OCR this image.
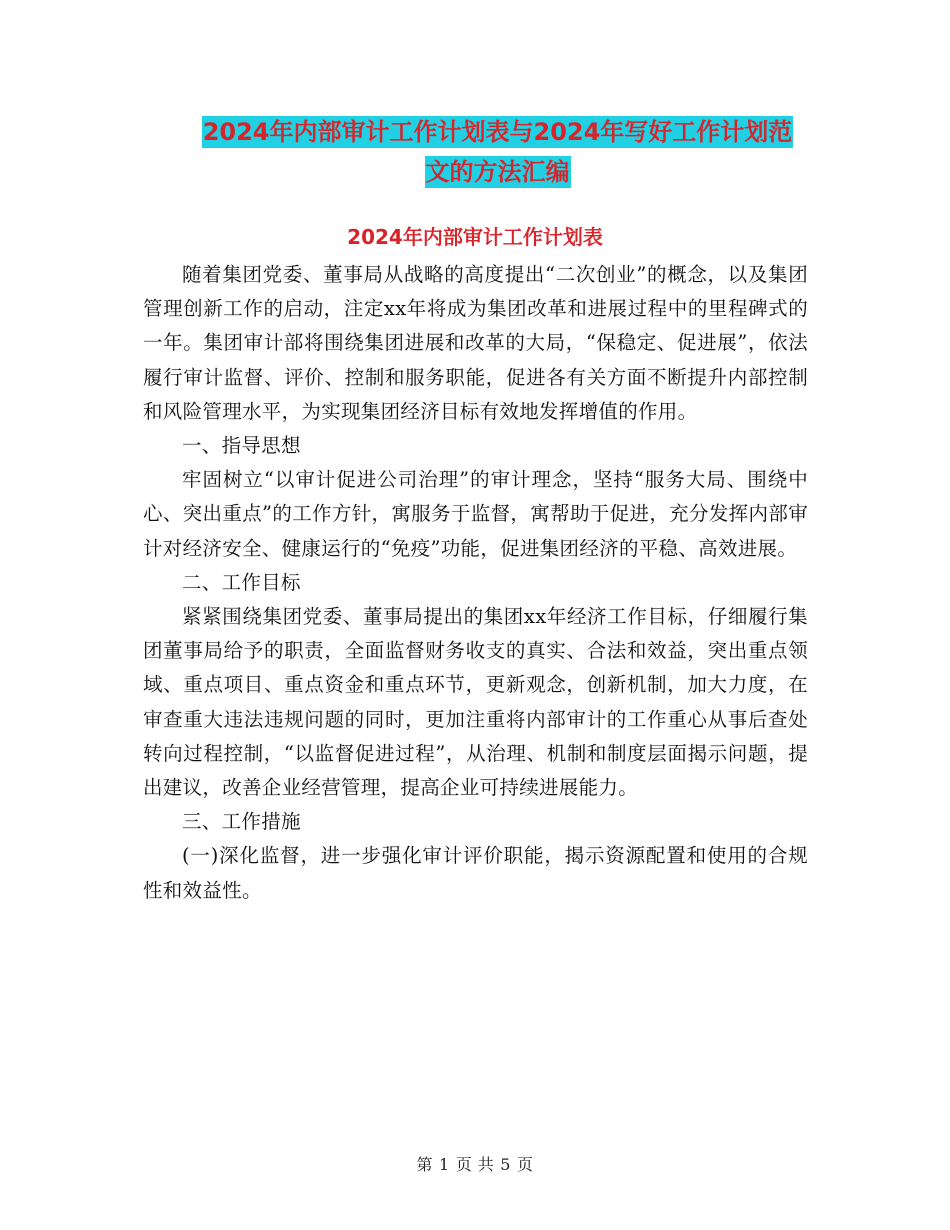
2024年内部审计工作计划表与2024年写好工作计划范
文的方法汇编
2024年内部审计工作计划表

随着集团党委、董事局从战略的高度提出“二次创业”的概念，以及集团管理创新工作的启动，注定xx年将成为集团改革和进展过程中的里程碑式的一年。集团审计部将围绕集团进展和改革的大局，“保稳定、促进展”，依法履行审计监督、评价、控制和服务职能，促进各有关方面不断提升内部控制和风险管理水平，为实现集团经济目标有效地发挥增值的作用。

一、指导思想

牢固树立“以审计促进公司治理”的审计理念，坚持“服务大局、围绕中心、突出重点”的工作方针，寓服务于监督，寓帮助于促进，充分发挥内部审计对经济安全、健康运行的“免疫”功能，促进集团经济的平稳、高效进展。

二、工作目标

紧紧围绕集团党委、董事局提出的集团xx年经济工作目标，仔细履行集团董事局给予的职责，全面监督财务收支的真实、合法和效益，突出重点领域、重点项目、重点资金和重点环节，更新观念，创新机制，加大力度，在审查重大违法违规问题的同时，更加注重将内部审计的工作重心从事后查处转向过程控制，“以监督促进过程”，从治理、机制和制度层面揭示问题，提出建议，改善企业经营管理，提高企业可持续进展能力。

三、工作措施

(一)深化监督，进一步强化审计评价职能，揭示资源配置和使用的合规性和效益性。

第 1 页 共 5 页
